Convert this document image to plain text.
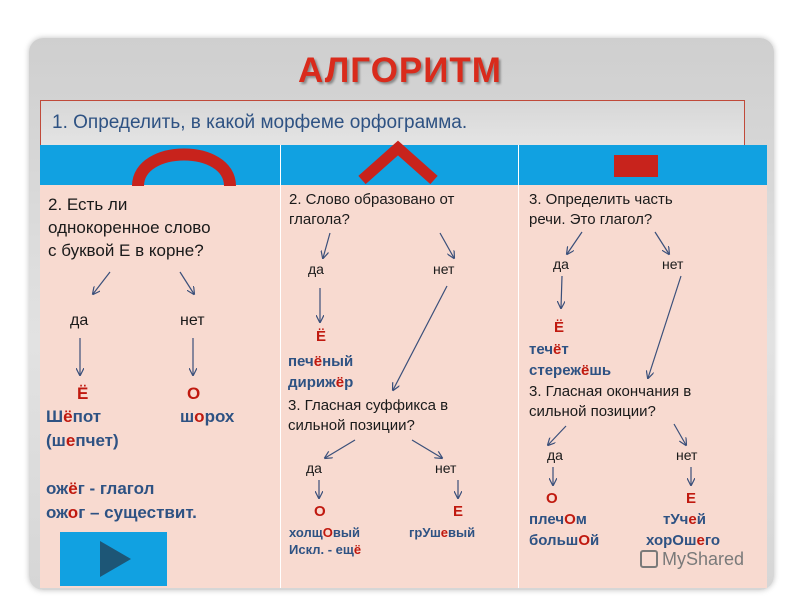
АЛГОРИТМ
1. Определить, в какой морфеме орфограмма.
2. Есть ли
однокоренное слово
с буквой Е в корне?
да	нет
Ё	О
Шёпот	шорох
(шепчет)
ожёг - глагол
ожог – существит.
2. Слово образовано от
глагола?
да	нет
Ё
печёный
дирижёр
3. Гласная суффикса в
сильной позиции?
да	нет
О	Е
холщОвый	грУшевый
Искл. - ещё
3. Определить часть
речи. Это глагол?
да	нет
Ё
течёт
стережёшь
3. Гласная окончания в
сильной позиции?
да	нет
О	Е
плечОм	тУчей
большОй	хорОшего
MyShared
